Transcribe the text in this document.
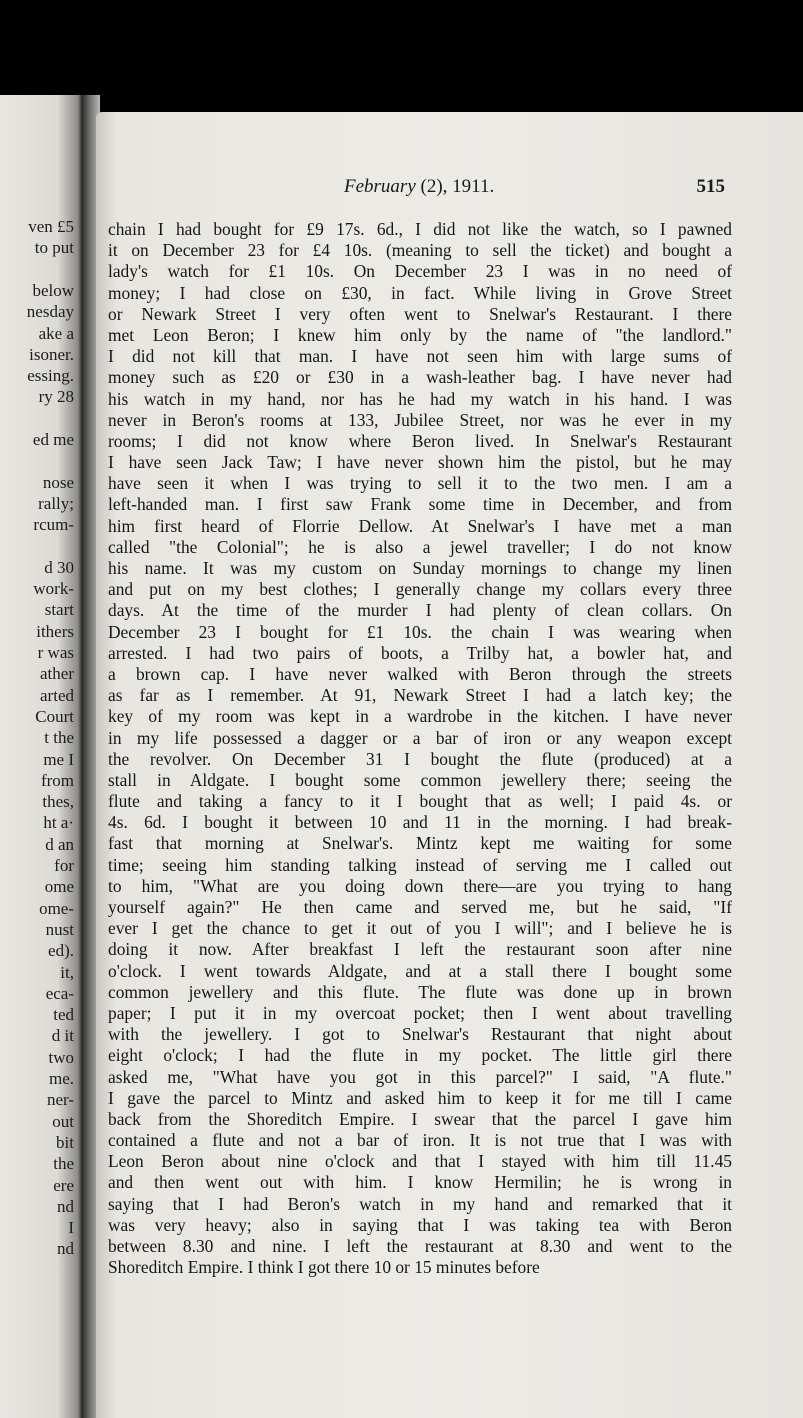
ven £5
to put
below
nesday
ake a
isoner.
essing.
ry 28
ed me
nose
rally;
rcum-
d 30
work-
start
ithers
r was
ather
arted
Court
t the
me I
from
thes,
ht a·
d an
for
ome
ome-
nust
ed).
it,
eca-
ted
d it
two
me.
ner-
out
bit
the
ere
nd
I
nd
February (2), 1911.	515
chain I had bought for £9 17s. 6d., I did not like the watch, so I pawned
it on December 23 for £4 10s. (meaning to sell the ticket) and bought a
lady's watch for £1 10s. On December 23 I was in no need of
money; I had close on £30, in fact. While living in Grove Street
or Newark Street I very often went to Snelwar's Restaurant. I there
met Leon Beron; I knew him only by the name of "the landlord."
I did not kill that man. I have not seen him with large sums of
money such as £20 or £30 in a wash-leather bag. I have never had
his watch in my hand, nor has he had my watch in his hand. I was
never in Beron's rooms at 133, Jubilee Street, nor was he ever in my
rooms; I did not know where Beron lived. In Snelwar's Restaurant
I have seen Jack Taw; I have never shown him the pistol, but he may
have seen it when I was trying to sell it to the two men. I am a
left-handed man. I first saw Frank some time in December, and from
him first heard of Florrie Dellow. At Snelwar's I have met a man
called "the Colonial"; he is also a jewel traveller; I do not know
his name. It was my custom on Sunday mornings to change my linen
and put on my best clothes; I generally change my collars every three
days. At the time of the murder I had plenty of clean collars. On
December 23 I bought for £1 10s. the chain I was wearing when
arrested. I had two pairs of boots, a Trilby hat, a bowler hat, and
a brown cap. I have never walked with Beron through the streets
as far as I remember. At 91, Newark Street I had a latch key; the
key of my room was kept in a wardrobe in the kitchen. I have never
in my life possessed a dagger or a bar of iron or any weapon except
the revolver. On December 31 I bought the flute (produced) at a
stall in Aldgate. I bought some common jewellery there; seeing the
flute and taking a fancy to it I bought that as well; I paid 4s. or
4s. 6d. I bought it between 10 and 11 in the morning. I had break-
fast that morning at Snelwar's. Mintz kept me waiting for some
time; seeing him standing talking instead of serving me I called out
to him, "What are you doing down there—are you trying to hang
yourself again?" He then came and served me, but he said, "If
ever I get the chance to get it out of you I will"; and I believe he is
doing it now. After breakfast I left the restaurant soon after nine
o'clock. I went towards Aldgate, and at a stall there I bought some
common jewellery and this flute. The flute was done up in brown
paper; I put it in my overcoat pocket; then I went about travelling
with the jewellery. I got to Snelwar's Restaurant that night about
eight o'clock; I had the flute in my pocket. The little girl there
asked me, "What have you got in this parcel?" I said, "A flute."
I gave the parcel to Mintz and asked him to keep it for me till I came
back from the Shoreditch Empire. I swear that the parcel I gave him
contained a flute and not a bar of iron. It is not true that I was with
Leon Beron about nine o'clock and that I stayed with him till 11.45
and then went out with him. I know Hermilin; he is wrong in
saying that I had Beron's watch in my hand and remarked that it
was very heavy; also in saying that I was taking tea with Beron
between 8.30 and nine. I left the restaurant at 8.30 and went to the
Shoreditch Empire. I think I got there 10 or 15 minutes before
